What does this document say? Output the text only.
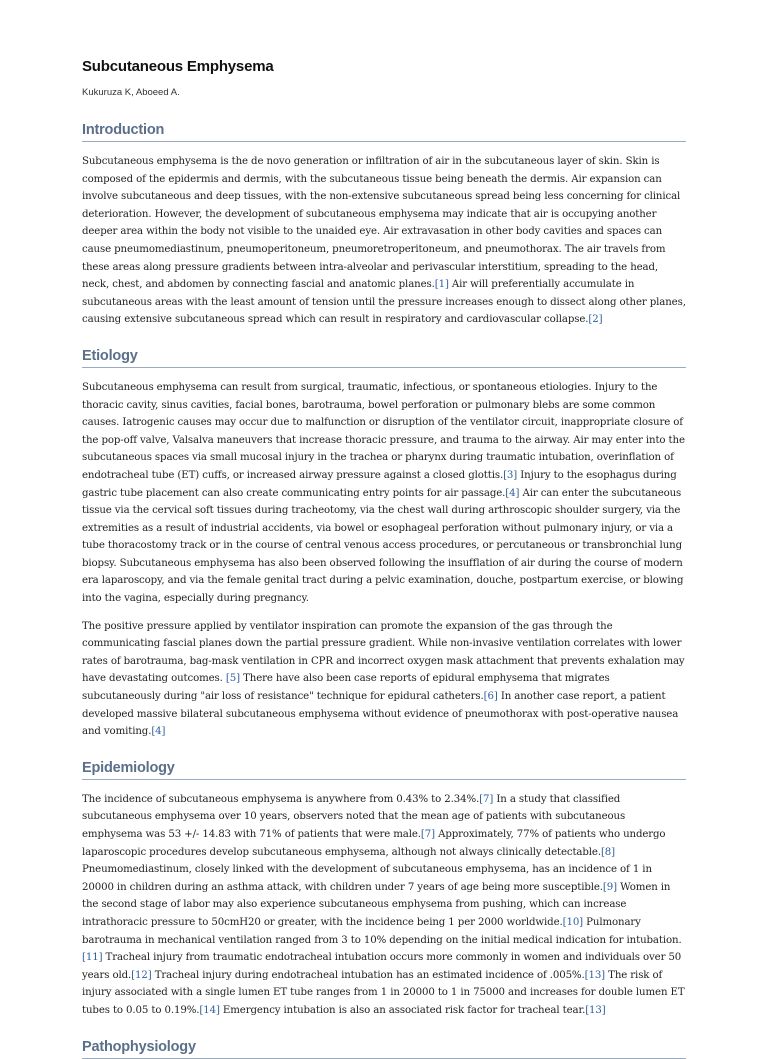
Subcutaneous Emphysema
Kukuruza K, Aboeed A.
Introduction

Subcutaneous emphysema is the de novo generation or infiltration of air in the subcutaneous layer of skin. Skin is composed of the epidermis and dermis, with the subcutaneous tissue being beneath the dermis. Air expansion can involve subcutaneous and deep tissues, with the non-extensive subcutaneous spread being less concerning for clinical deterioration. However, the development of subcutaneous emphysema may indicate that air is occupying another deeper area within the body not visible to the unaided eye. Air extravasation in other body cavities and spaces can cause pneumomediastinum, pneumoperitoneum, pneumoretroperitoneum, and pneumothorax. The air travels from these areas along pressure gradients between intra-alveolar and perivascular interstitium, spreading to the head, neck, chest, and abdomen by connecting fascial and anatomic planes.[1] Air will preferentially accumulate in subcutaneous areas with the least amount of tension until the pressure increases enough to dissect along other planes, causing extensive subcutaneous spread which can result in respiratory and cardiovascular collapse.[2]

Etiology

Subcutaneous emphysema can result from surgical, traumatic, infectious, or spontaneous etiologies. Injury to the thoracic cavity, sinus cavities, facial bones, barotrauma, bowel perforation or pulmonary blebs are some common causes. Iatrogenic causes may occur due to malfunction or disruption of the ventilator circuit, inappropriate closure of the pop-off valve, Valsalva maneuvers that increase thoracic pressure, and trauma to the airway. Air may enter into the subcutaneous spaces via small mucosal injury in the trachea or pharynx during traumatic intubation, overinflation of endotracheal tube (ET) cuffs, or increased airway pressure against a closed glottis.[3] Injury to the esophagus during gastric tube placement can also create communicating entry points for air passage.[4] Air can enter the subcutaneous tissue via the cervical soft tissues during tracheotomy, via the chest wall during arthroscopic shoulder surgery, via the extremities as a result of industrial accidents, via bowel or esophageal perforation without pulmonary injury, or via a tube thoracostomy track or in the course of central venous access procedures, or percutaneous or transbronchial lung biopsy. Subcutaneous emphysema has also been observed following the insufflation of air during the course of modern era laparoscopy, and via the female genital tract during a pelvic examination, douche, postpartum exercise, or blowing into the vagina, especially during pregnancy.

The positive pressure applied by ventilator inspiration can promote the expansion of the gas through the communicating fascial planes down the partial pressure gradient. While non-invasive ventilation correlates with lower rates of barotrauma, bag-mask ventilation in CPR and incorrect oxygen mask attachment that prevents exhalation may have devastating outcomes. [5] There have also been case reports of epidural emphysema that migrates subcutaneously during "air loss of resistance" technique for epidural catheters.[6] In another case report, a patient developed massive bilateral subcutaneous emphysema without evidence of pneumothorax with post-operative nausea and vomiting.[4]

Epidemiology

The incidence of subcutaneous emphysema is anywhere from 0.43% to 2.34%.[7] In a study that classified subcutaneous emphysema over 10 years, observers noted that the mean age of patients with subcutaneous emphysema was 53 +/- 14.83 with 71% of patients that were male.[7] Approximately, 77% of patients who undergo laparoscopic procedures develop subcutaneous emphysema, although not always clinically detectable.[8] Pneumomediastinum, closely linked with the development of subcutaneous emphysema, has an incidence of 1 in 20000 in children during an asthma attack, with children under 7 years of age being more susceptible.[9] Women in the second stage of labor may also experience subcutaneous emphysema from pushing, which can increase intrathoracic pressure to 50cmH20 or greater, with the incidence being 1 per 2000 worldwide.[10] Pulmonary barotrauma in mechanical ventilation ranged from 3 to 10% depending on the initial medical indication for intubation.[11] Tracheal injury from traumatic endotracheal intubation occurs more commonly in women and individuals over 50 years old.[12] Tracheal injury during endotracheal intubation has an estimated incidence of .005%.[13] The risk of injury associated with a single lumen ET tube ranges from 1 in 20000 to 1 in 75000 and increases for double lumen ET tubes to 0.05 to 0.19%.[14] Emergency intubation is also an associated risk factor for tracheal tear.[13]

Pathophysiology
